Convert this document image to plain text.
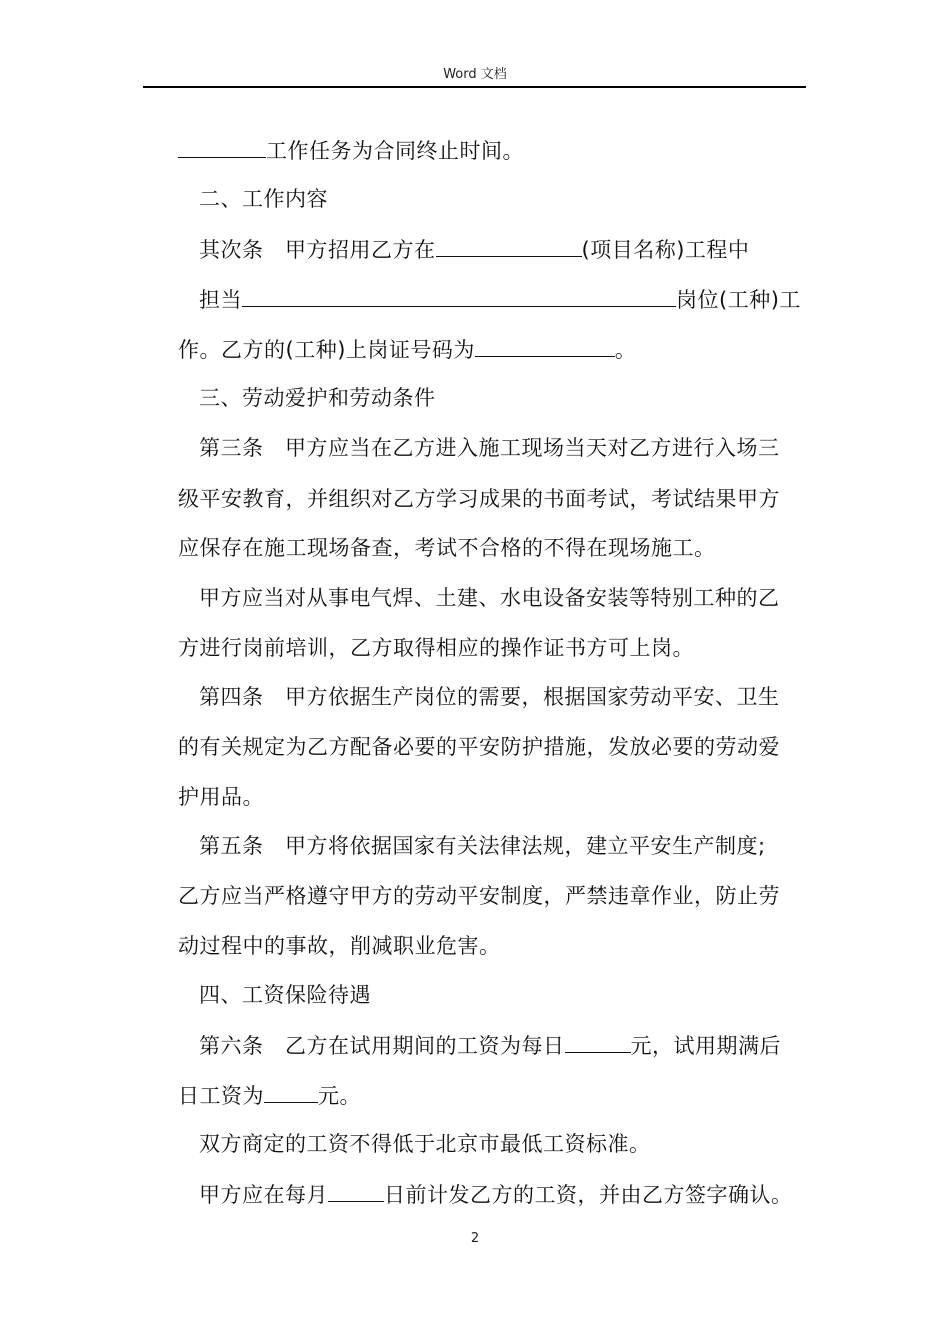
Word 文档
工作任务为合同终止时间。
二、工作内容
其次条　甲方招用乙方在	(项目名称)工程中
担当	岗位(工种)工
作。乙方的(工种)上岗证号码为	。
三、劳动爱护和劳动条件
第三条　甲方应当在乙方进入施工现场当天对乙方进行入场三
级平安教育，并组织对乙方学习成果的书面考试，考试结果甲方
应保存在施工现场备查，考试不合格的不得在现场施工。
甲方应当对从事电气焊、土建、水电设备安装等特别工种的乙
方进行岗前培训，乙方取得相应的操作证书方可上岗。
第四条　甲方依据生产岗位的需要，根据国家劳动平安、卫生
的有关规定为乙方配备必要的平安防护措施，发放必要的劳动爱
护用品。
第五条　甲方将依据国家有关法律法规，建立平安生产制度;
乙方应当严格遵守甲方的劳动平安制度，严禁违章作业，防止劳
动过程中的事故，削减职业危害。
四、工资保险待遇
第六条　乙方在试用期间的工资为每日	元，试用期满后
日工资为	元。
双方商定的工资不得低于北京市最低工资标准。
甲方应在每月	日前计发乙方的工资，并由乙方签字确认。
2
